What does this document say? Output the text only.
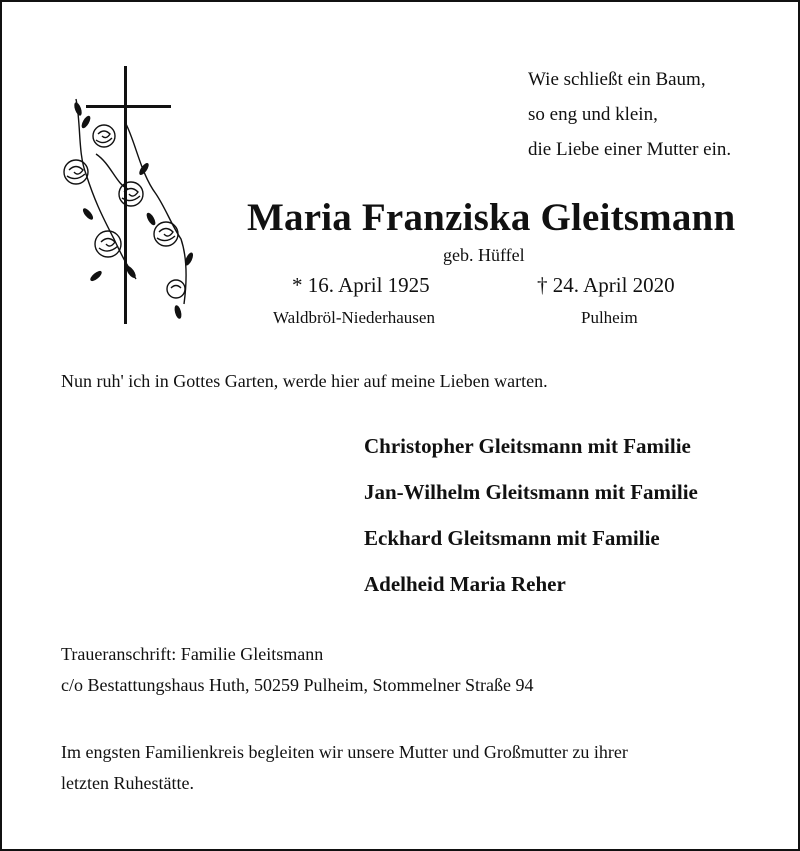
Wie schließt ein Baum,
so eng und klein,
die Liebe einer Mutter ein.
Maria Franziska Gleitsmann
geb. Hüffel
* 16. April 1925	† 24. April 2020
Waldbröl-Niederhausen	Pulheim
Nun ruh' ich in Gottes Garten, werde hier auf meine Lieben warten.
Christopher Gleitsmann mit Familie
Jan-Wilhelm Gleitsmann mit Familie
Eckhard Gleitsmann mit Familie
Adelheid Maria Reher
Traueranschrift: Familie Gleitsmann
c/o Bestattungshaus Huth, 50259 Pulheim, Stommelner Straße 94
Im engsten Familienkreis begleiten wir unsere Mutter und Großmutter zu ihrer
letzten Ruhestätte.
